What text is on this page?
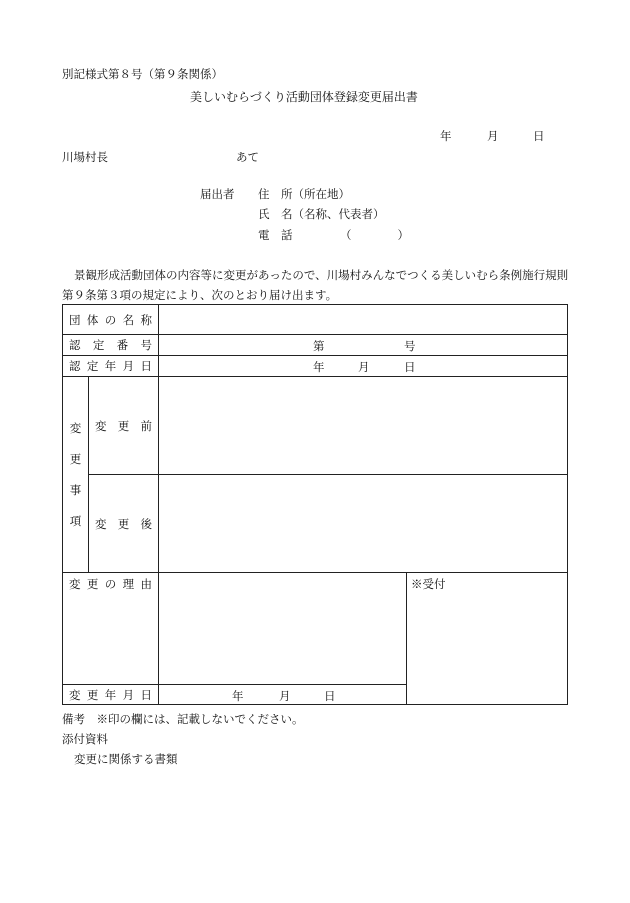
別記様式第８号（第９条関係）
美しいむらづくり活動団体登録変更届出書
年	月	日
川場村長	あて
届出者 住　所（所在地）
氏　名（名称、代表者）
電　話	（　　　　）
景観形成活動団体の内容等に変更があったので、川場村みんなでつくる美しいむら条例施行規則
第９条第３項の規定により、次のとおり届け出ます。
団体の名称			
認定番号		第 号	

認定年月日		年 月 日	

変
更
事
項	変更前		
	変更後		
変更の理由			※受付
変更年月日		年 月 日	
備考　※印の欄には、記載しないでください。
添付資料
変更に関係する書類
